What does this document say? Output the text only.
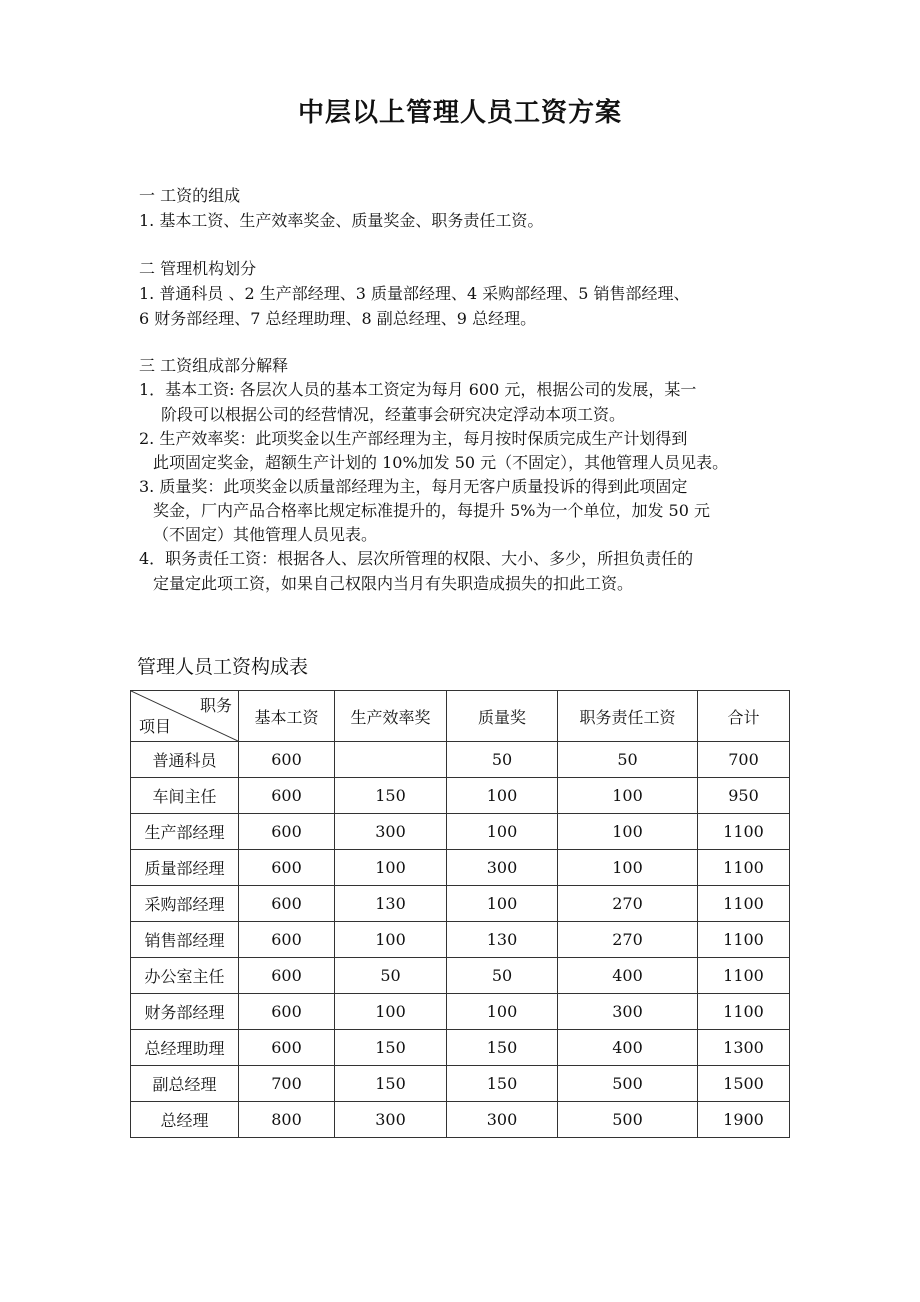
中层以上管理人员工资方案
一 工资的组成
1. 基本工资、生产效率奖金、质量奖金、职务责任工资。
二 管理机构划分
1. 普通科员 、2 生产部经理、3 质量部经理、4 采购部经理、5 销售部经理、
6 财务部经理、7 总经理助理、8 副总经理、9 总经理。
三 工资组成部分解释
1．基本工资: 各层次人员的基本工资定为每月 600 元，根据公司的发展，某一
阶段可以根据公司的经营情况，经董事会研究决定浮动本项工资。
2. 生产效率奖：此项奖金以生产部经理为主，每月按时保质完成生产计划得到
此项固定奖金，超额生产计划的 10%加发 50 元（不固定），其他管理人员见表。
3. 质量奖：此项奖金以质量部经理为主，每月无客户质量投诉的得到此项固定
奖金，厂内产品合格率比规定标准提升的，每提升 5%为一个单位，加发 50 元
（不固定）其他管理人员见表。
4．职务责任工资：根据各人、层次所管理的权限、大小、多少，所担负责任的
定量定此项工资，如果自己权限内当月有失职造成损失的扣此工资。
管理人员工资构成表
职务
项目	基本工资	生产效率奖	质量奖	职务责任工资	合计
普通科员	600		50	50	700
车间主任	600	150	100	100	950
生产部经理	600	300	100	100	1100
质量部经理	600	100	300	100	1100
采购部经理	600	130	100	270	1100
销售部经理	600	100	130	270	1100
办公室主任	600	50	50	400	1100
财务部经理	600	100	100	300	1100
总经理助理	600	150	150	400	1300
副总经理	700	150	150	500	1500
总经理	800	300	300	500	1900
